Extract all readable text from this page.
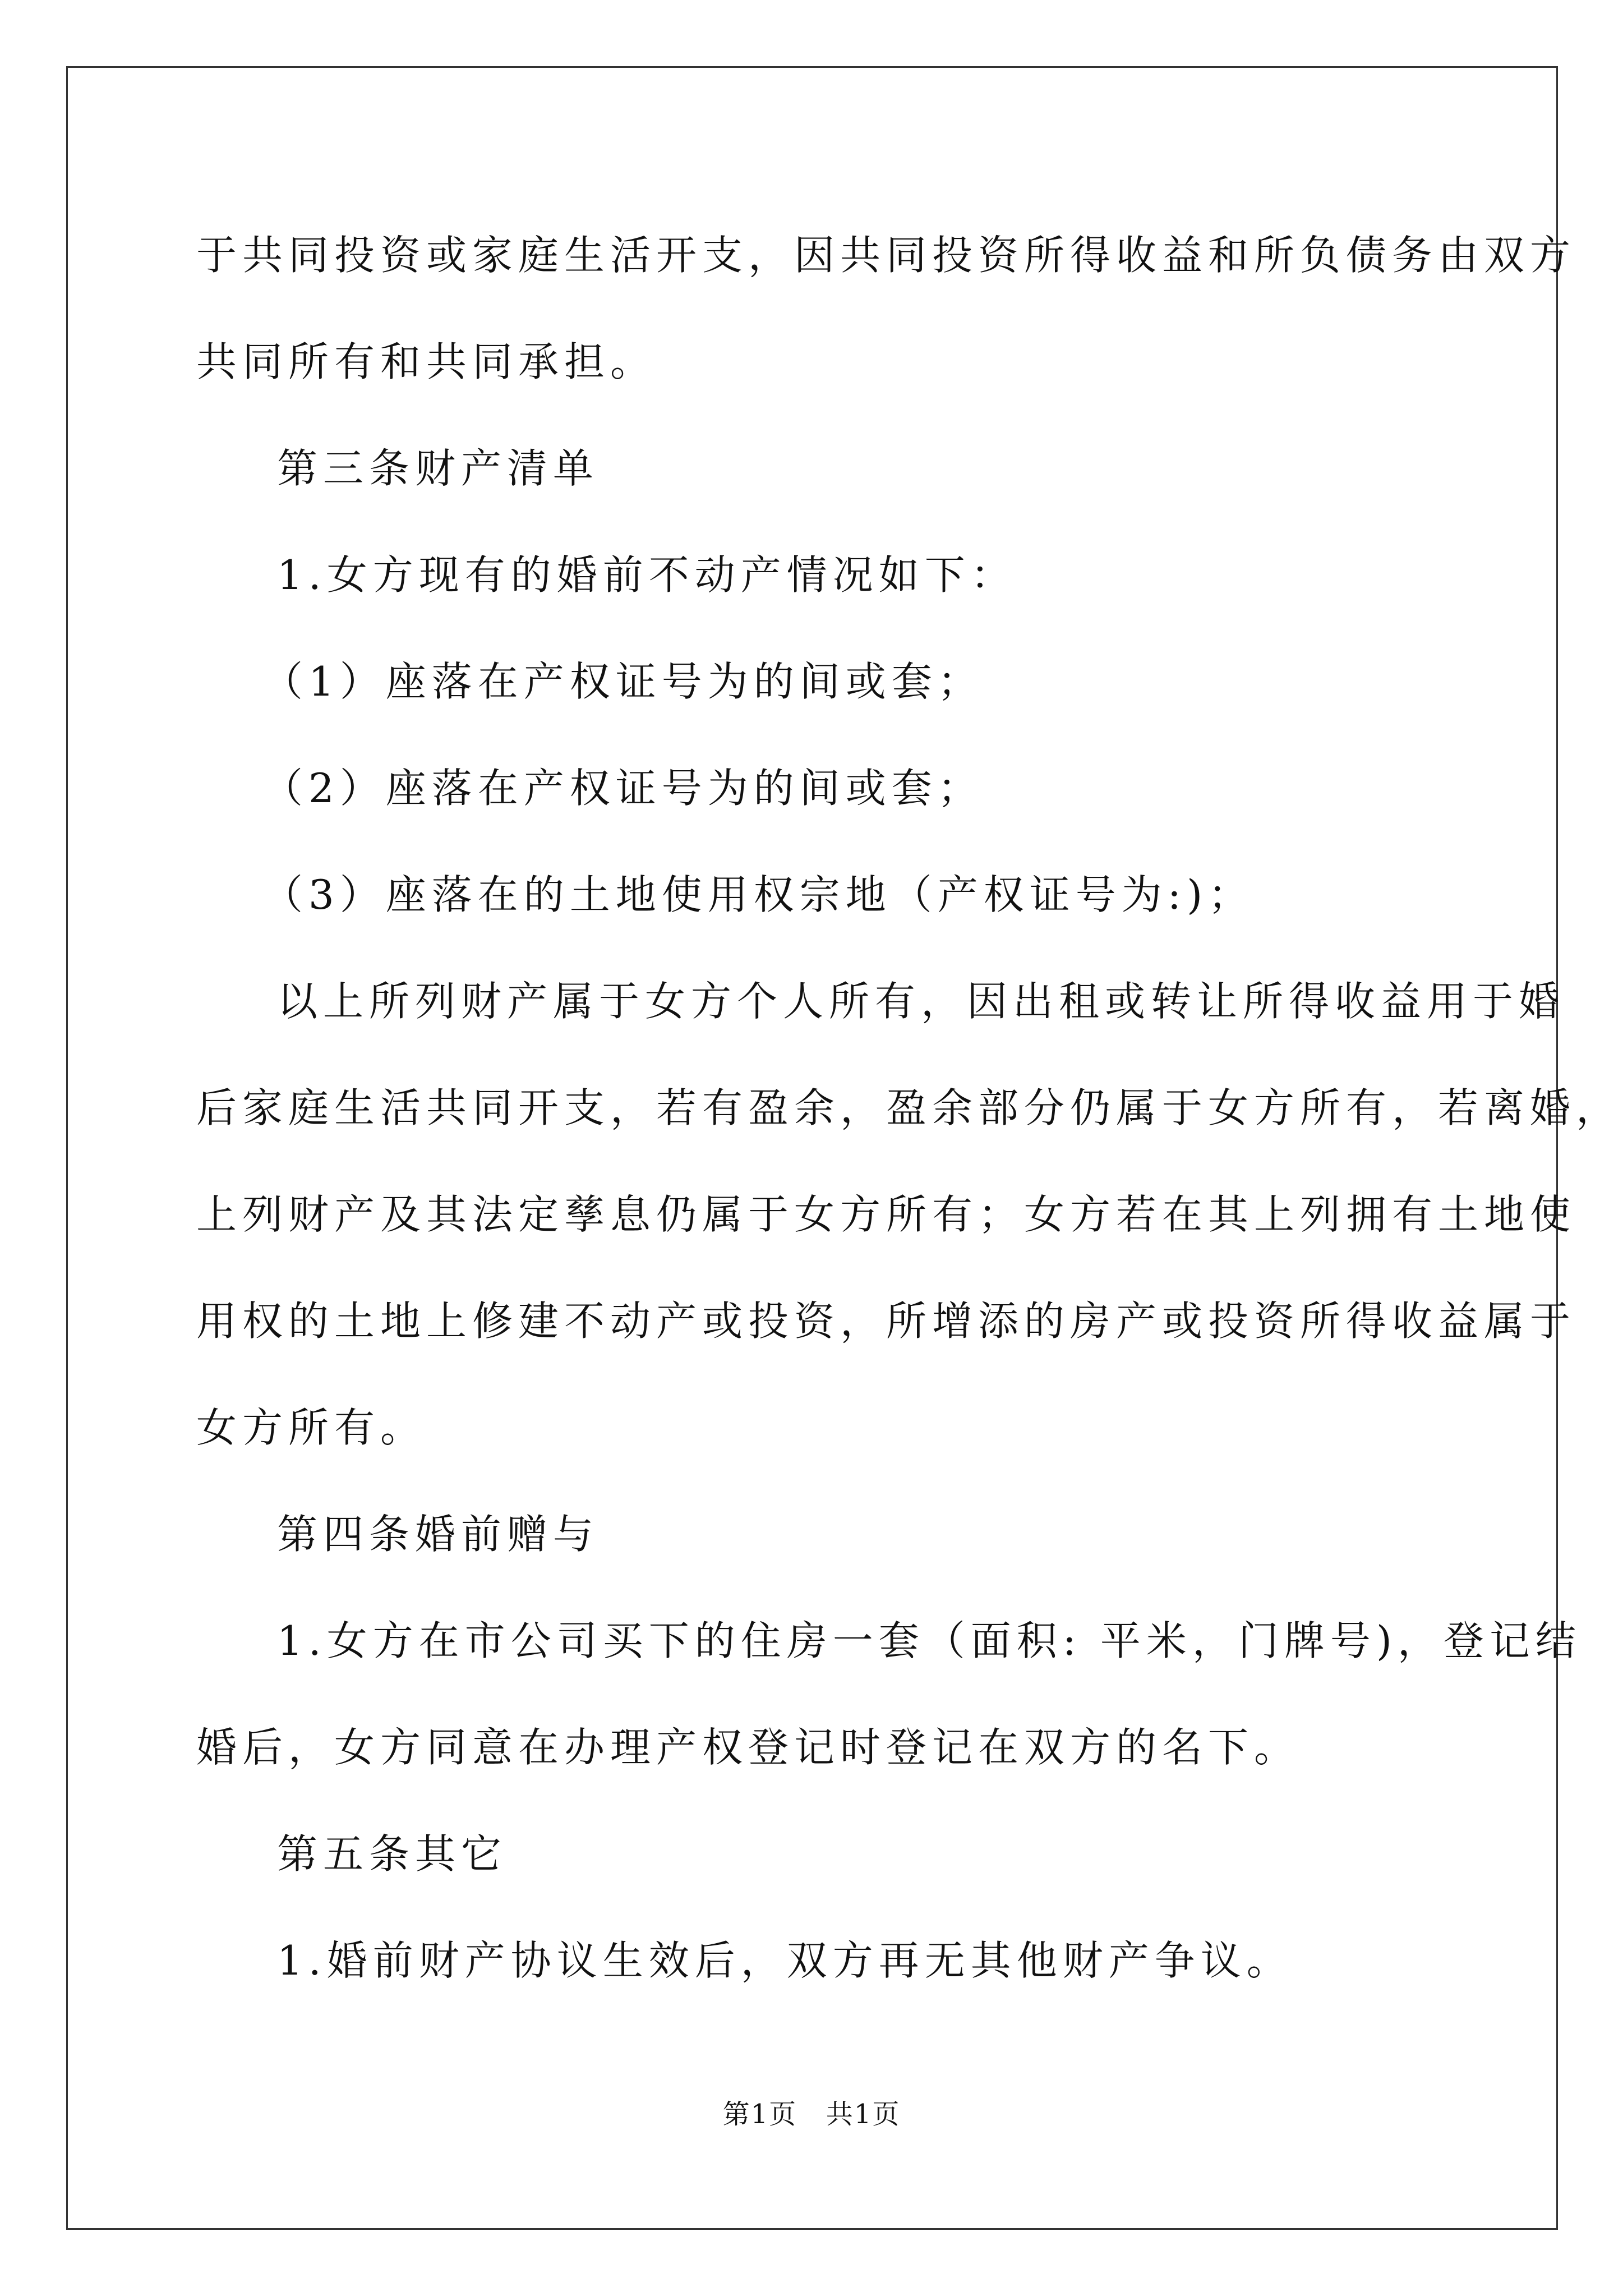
于共同投资或家庭生活开支，因共同投资所得收益和所负债务由双方
共同所有和共同承担。
第三条财产清单
1.女方现有的婚前不动产情况如下：
（1）座落在产权证号为的间或套；
（2）座落在产权证号为的间或套；
（3）座落在的土地使用权宗地（产权证号为:)；
以上所列财产属于女方个人所有，因出租或转让所得收益用于婚
后家庭生活共同开支，若有盈余，盈余部分仍属于女方所有，若离婚，
上列财产及其法定孳息仍属于女方所有；女方若在其上列拥有土地使
用权的土地上修建不动产或投资，所增添的房产或投资所得收益属于
女方所有。
第四条婚前赠与
1.女方在市公司买下的住房一套（面积: 平米，门牌号)，登记结
婚后，女方同意在办理产权登记时登记在双方的名下。
第五条其它
1.婚前财产协议生效后，双方再无其他财产争议。
第1页   共1页
